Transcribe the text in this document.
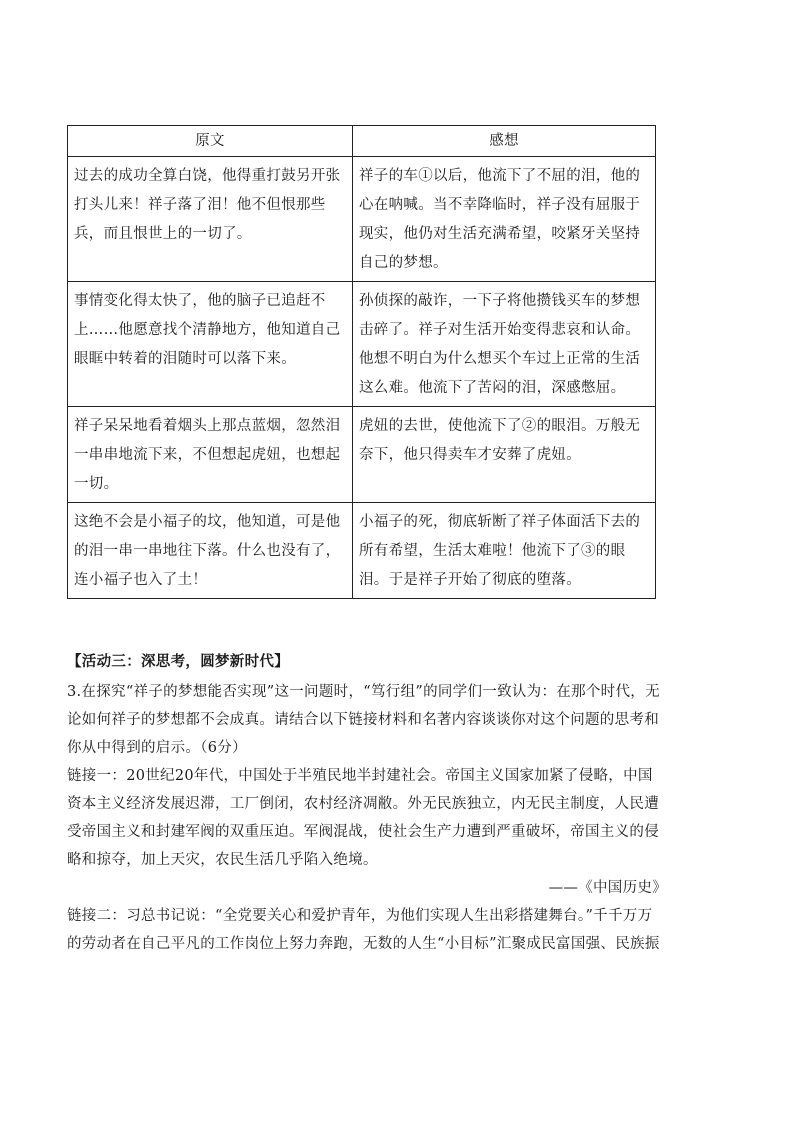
原文	感想
过去的成功全算白饶，他得重打鼓另开张打头儿来！祥子落了泪！他不但恨那些兵，而且恨世上的一切了。	祥子的车①以后，他流下了不屈的泪，他的心在呐喊。当不幸降临时，祥子没有屈服于现实，他仍对生活充满希望，咬紧牙关坚持自己的梦想。
事情变化得太快了，他的脑子已追赶不上……他愿意找个清静地方，他知道自己眼眶中转着的泪随时可以落下来。	孙侦探的敲诈，一下子将他攒钱买车的梦想击碎了。祥子对生活开始变得悲哀和认命。他想不明白为什么想买个车过上正常的生活这么难。他流下了苦闷的泪，深感憋屈。
祥子呆呆地看着烟头上那点蓝烟，忽然泪一串串地流下来，不但想起虎妞，也想起一切。	虎妞的去世，使他流下了②的眼泪。万般无奈下，他只得卖车才安葬了虎妞。
这绝不会是小福子的坟，他知道，可是他的泪一串一串地往下落。什么也没有了，连小福子也入了土！	小福子的死，彻底斩断了祥子体面活下去的所有希望，生活太难啦！他流下了③的眼泪。于是祥子开始了彻底的堕落。

【活动三：深思考，圆梦新时代】

3.在探究“祥子的梦想能否实现”这一问题时，“笃行组”的同学们一致认为：在那个时代，无论如何祥子的梦想都不会成真。请结合以下链接材料和名著内容谈谈你对这个问题的思考和你从中得到的启示。（6分）

链接一：20世纪20年代，中国处于半殖民地半封建社会。帝国主义国家加紧了侵略，中国资本主义经济发展迟滞，工厂倒闭，农村经济凋敝。外无民族独立，内无民主制度，人民遭受帝国主义和封建军阀的双重压迫。军阀混战，使社会生产力遭到严重破坏，帝国主义的侵略和掠夺，加上天灾，农民生活几乎陷入绝境。

——《中国历史》

链接二：习总书记说：“全党要关心和爱护青年，为他们实现人生出彩搭建舞台。”千千万万的劳动者在自己平凡的工作岗位上努力奔跑，无数的人生“小目标”汇聚成民富国强、民族振
